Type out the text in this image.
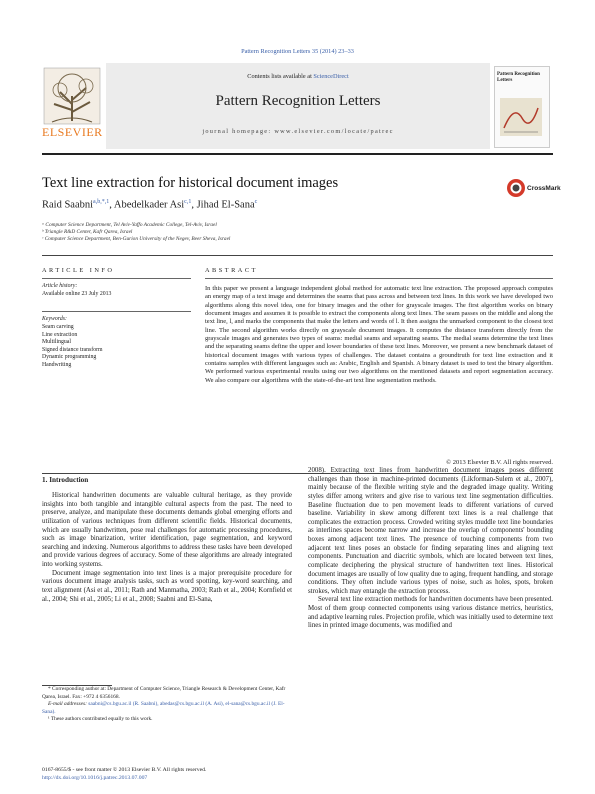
Pattern Recognition Letters 35 (2014) 23–33
Contents lists available at ScienceDirect
Pattern Recognition Letters
journal homepage: www.elsevier.com/locate/patrec
ELSEVIER
Pattern Recognition Letters
Text line extraction for historical document images	CrossMark
Raid Saabni$^{a,b,*,1}$, Abedelkader Asi$^{c,1}$, Jihad El-Sana$^c$
ᵃ Computer Science Department, Tel Aviv-Yaffo Academic College, Tel-Aviv, Israel
ᵇ Triangle R&D Center, Kafr Qarea, Israel
ᶜ Computer Science Department, Ben-Gurion University of the Negev, Beer Sheva, Israel
ARTICLE INFO
Article history:
Available online 23 July 2013
Keywords:
Seam carving
Line extraction
Multilingual
Signed distance transform
Dynamic programming
Handwriting
ABSTRACT
In this paper we present a language independent global method for automatic text line extraction. The proposed approach computes an energy map of a text image and determines the seams that pass across and between text lines. In this work we have developed two algorithms along this novel idea, one for binary images and the other for grayscale images. The first algorithm works on binary document images and assumes it is possible to extract the components along text lines. The seam passes on the middle and along the text line, l, and marks the components that make the letters and words of l. It then assigns the unmarked component to the closest text line. The second algorithm works directly on grayscale document images. It computes the distance transform directly from the grayscale images and generates two types of seams: medial seams and separating seams. The medial seams determine the text lines and the separating seams define the upper and lower boundaries of these text lines. Moreover, we present a new benchmark dataset of historical document images with various types of challenges. The dataset contains a groundtruth for text line extraction and it contains samples with different languages such as: Arabic, English and Spanish. A binary dataset is used to test the binary algorithm. We performed various experimental results using our two algorithms on the mentioned datasets and report segmentation accuracy. We also compare our algorithms with the state-of-the-art text line segmentation methods.
© 2013 Elsevier B.V. All rights reserved.
1. Introduction

Historical handwritten documents are valuable cultural heritage, as they provide insights into both tangible and intangible cultural aspects from the past. The need to preserve, analyze, and manipulate these documents demands global emerging efforts and utilization of various techniques from different scientific fields. Historical documents, which are usually handwritten, pose real challenges for automatic processing procedures, such as image binarization, writer identification, page segmentation, and keyword searching and indexing. Numerous algorithms to address these tasks have been developed and provide various degrees of accuracy. Some of these algorithms are already integrated into working systems.

Document image segmentation into text lines is a major prerequisite procedure for various document image analysis tasks, such as word spotting, key-word searching, and text alignment (Asi et al., 2011; Rath and Manmatha, 2003; Rath et al., 2004; Kornfield et al., 2004; Shi et al., 2005; Li et al., 2008; Saabni and El-Sana,

2008). Extracting text lines from handwritten document images poses different challenges than those in machine-printed documents (Likforman-Sulem et al., 2007), mainly because of the flexible writing style and the degraded image quality. Writing styles differ among writers and give rise to various text line segmentation difficulties. Baseline fluctuation due to pen movement leads to different variations of curved baseline. Variability in skew among different text lines is a real challenge that complicates the extraction process. Crowded writing styles muddle text line boundaries as interlines spaces become narrow and increase the overlap of components' bounding boxes among adjacent text lines. The presence of touching components from two adjacent text lines poses an obstacle for finding separating lines and aligning text components. Punctuation and diacritic symbols, which are located between text lines, complicate deciphering the physical structure of handwritten text lines. Historical document images are usually of low quality due to aging, frequent handling, and storage conditions. They often include various types of noise, such as holes, spots, broken strokes, which may entangle the extraction process.

Several text line extraction methods for handwritten documents have been presented. Most of them group connected components using various distance metrics, heuristics, and adaptive learning rules. Projection profile, which was initially used to determine text lines in printed image documents, was modified and

* Corresponding author at: Department of Computer Science, Triangle Research & Development Center, Kafr Qarea, Israel. Fax: +972 4 6356168.
E-mail addresses: saabni@cs.bgu.ac.il (R. Saabni), abedas@cs.bgu.ac.il (A. Asi), el-sana@cs.bgu.ac.il (J. El-Sana).
¹ These authors contributed equally to this work.
0167-8655/$ - see front matter © 2013 Elsevier B.V. All rights reserved.
http://dx.doi.org/10.1016/j.patrec.2013.07.007
